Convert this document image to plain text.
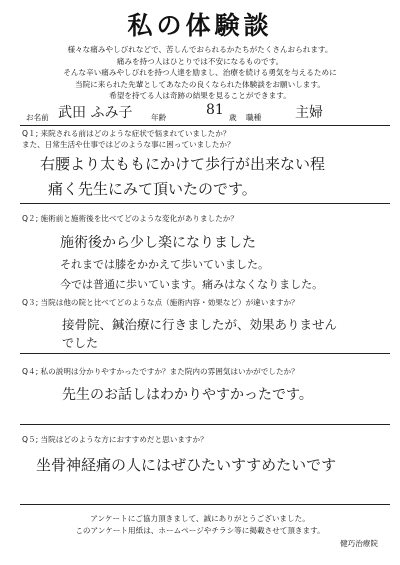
私の体験談
様々な痛みやしびれなどで、苦しんでおられるかたちがたくさんおられます。
痛みを持つ人はひとりでは不安になるものです。
そんな辛い痛みやしびれを持つ人達を励まし、治療を続ける勇気を与えるために
当院に来られた先輩としてあなたの良くなられた体験談をお願いします。
希望を持てる人は奇跡の結果を見ることができます。
お名前 武田 ふみ子 年齢	81 歳 職種 主婦
Q１; 来院される前はどのような症状で悩まれていましたか？
また、日常生活や仕事ではどのような事に困っていましたか？
右腰より太ももにかけて歩行が出来ない程
痛く先生にみて頂いたのです。
Q２; 施術前と施術後を比べてどのような変化がありましたか？
施術後から少し楽になりました
それまでは膝をかかえて歩いていました。
今では普通に歩いています。痛みはなくなりました。
Q３; 当院は他の院と比べてどのような点（施術内容・効果など）が違いますか？
接骨院、鍼治療に行きましたが、効果ありません
でした
Q４; 私の説明は分かりやすかったですか？また院内の雰囲気はいかがでしたか？
先生のお話しはわかりやすかったです。
Q５; 当院はどのような方におすすめだと思いますか？
坐骨神経痛の人にはぜひたいすすめたいです
アンケートにご協力頂きまして、誠にありがとうございました。
このアンケート用紙は、ホームページやチラシ等に掲載させて頂きます。
健巧治療院
